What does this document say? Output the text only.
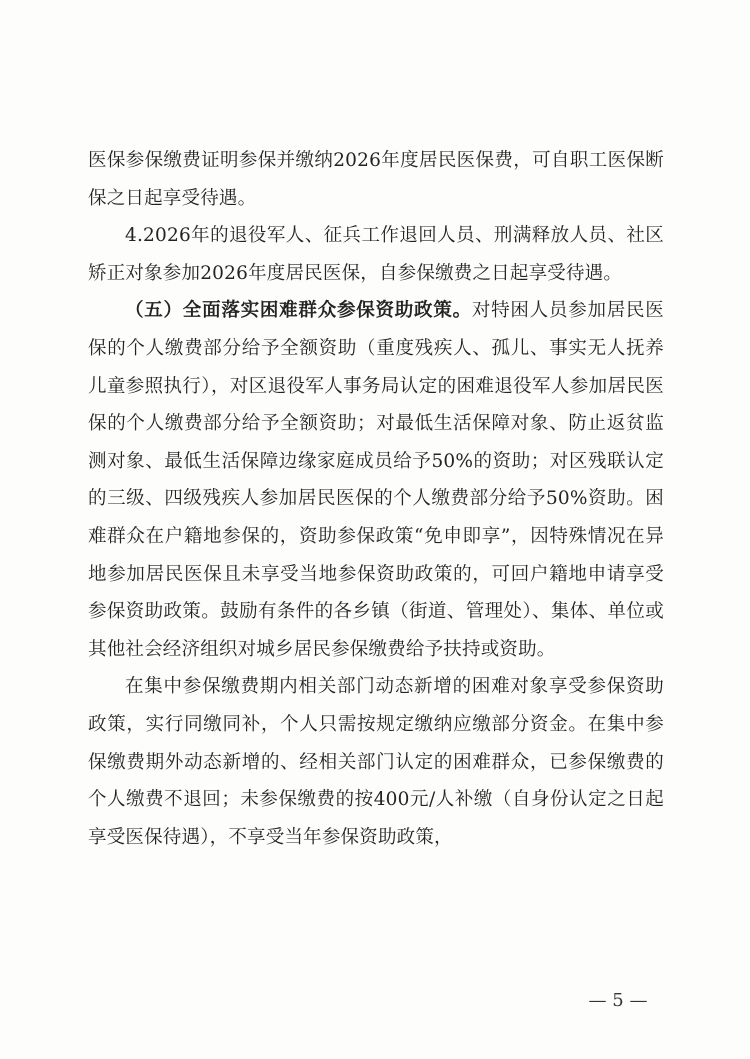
医保参保缴费证明参保并缴纳2026年度居民医保费，可自职工医保断保之日起享受待遇。

4.2026年的退役军人、征兵工作退回人员、刑满释放人员、社区矫正对象参加2026年度居民医保，自参保缴费之日起享受待遇。

（五）全面落实困难群众参保资助政策。对特困人员参加居民医保的个人缴费部分给予全额资助（重度残疾人、孤儿、事实无人抚养儿童参照执行），对区退役军人事务局认定的困难退役军人参加居民医保的个人缴费部分给予全额资助；对最低生活保障对象、防止返贫监测对象、最低生活保障边缘家庭成员给予50%的资助；对区残联认定的三级、四级残疾人参加居民医保的个人缴费部分给予50%资助。困难群众在户籍地参保的，资助参保政策“免申即享”，因特殊情况在异地参加居民医保且未享受当地参保资助政策的，可回户籍地申请享受参保资助政策。鼓励有条件的各乡镇（街道、管理处）、集体、单位或其他社会经济组织对城乡居民参保缴费给予扶持或资助。

在集中参保缴费期内相关部门动态新增的困难对象享受参保资助政策，实行同缴同补，个人只需按规定缴纳应缴部分资金。在集中参保缴费期外动态新增的、经相关部门认定的困难群众，已参保缴费的个人缴费不退回；未参保缴费的按400元/人补缴（自身份认定之日起享受医保待遇），不享受当年参保资助政策，

— 5 —
